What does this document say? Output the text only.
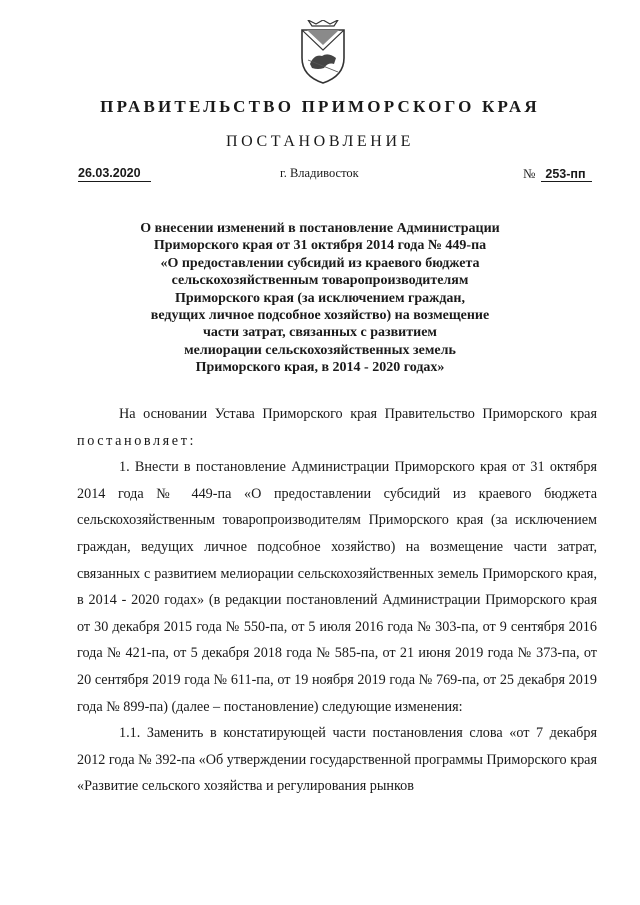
ПРАВИТЕЛЬСТВО ПРИМОРСКОГО КРАЯ
ПОСТАНОВЛЕНИЕ
26.03.2020	г. Владивосток	№ 253-пп
О внесении изменений в постановление Администрации
Приморского края от 31 октября 2014 года № 449-па
«О предоставлении субсидий из краевого бюджета
сельскохозяйственным товаропроизводителям
Приморского края (за исключением граждан,
ведущих личное подсобное хозяйство) на возмещение
части затрат, связанных с развитием
мелиорации сельскохозяйственных земель
Приморского края, в 2014 - 2020 годах»

На основании Устава Приморского края Правительство Приморского края постановляет:

1. Внести в постановление Администрации Приморского края от 31 октября 2014 года № 449-па «О предоставлении субсидий из краевого бюджета сельскохозяйственным товаропроизводителям Приморского края (за исключением граждан, ведущих личное подсобное хозяйство) на возмещение части затрат, связанных с развитием мелиорации сельскохозяйственных земель Приморского края, в 2014 - 2020 годах» (в редакции постановлений Администрации Приморского края от 30 декабря 2015 года № 550-па, от 5 июля 2016 года № 303-па, от 9 сентября 2016 года № 421-па, от 5 декабря 2018 года № 585-па, от 21 июня 2019 года № 373-па, от 20 сентября 2019 года № 611-па, от 19 ноября 2019 года № 769-па, от 25 декабря 2019 года № 899-па) (далее – постановление) следующие изменения:

1.1. Заменить в констатирующей части постановления слова «от 7 декабря 2012 года № 392-па «Об утверждении государственной программы Приморского края «Развитие сельского хозяйства и регулирования рынков
